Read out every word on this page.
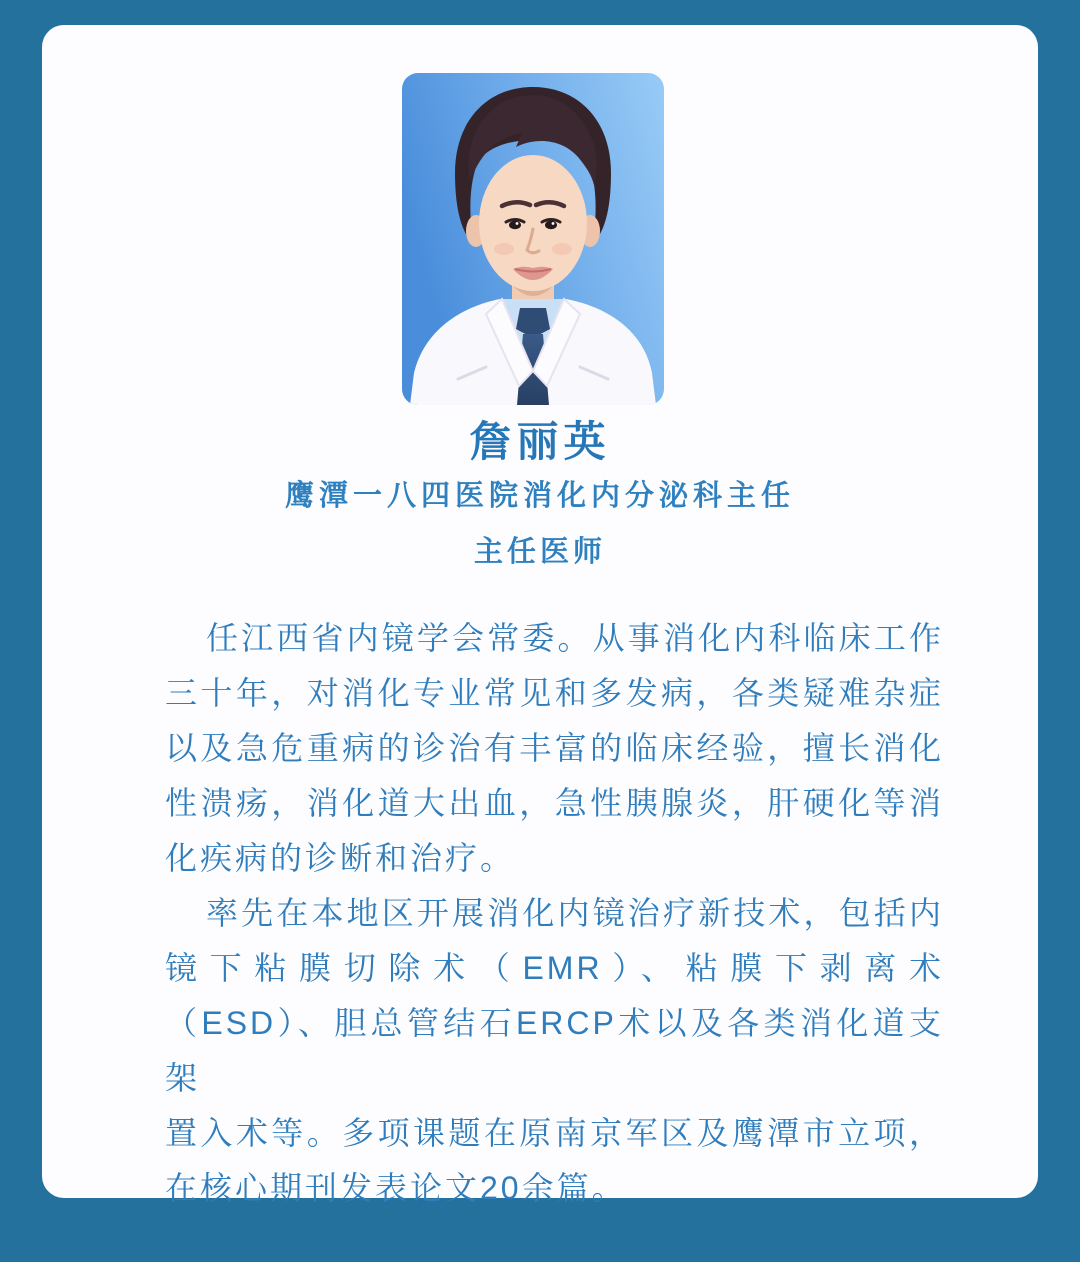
詹丽英
鹰潭一八四医院消化内分泌科主任
主任医师
任江西省内镜学会常委。从事消化内科临床工作
三十年，对消化专业常见和多发病，各类疑难杂症
以及急危重病的诊治有丰富的临床经验，擅长消化
性溃疡，消化道大出血，急性胰腺炎，肝硬化等消
化疾病的诊断和治疗。
率先在本地区开展消化内镜治疗新技术，包括内
镜下粘膜切除术（EMR）、粘膜下剥离术
（ESD）、胆总管结石ERCP术以及各类消化道支架
置入术等。多项课题在原南京军区及鹰潭市立项，
在核心期刊发表论文20余篇。
